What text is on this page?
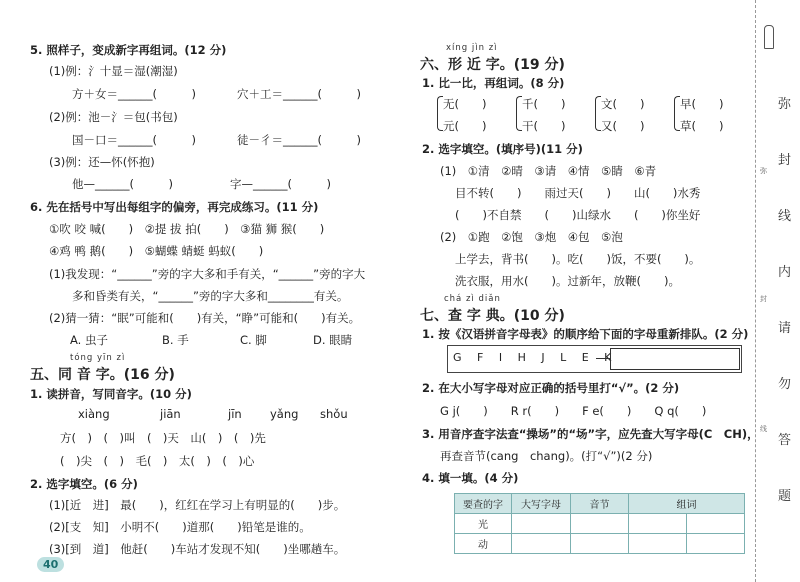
5. 照样子，变成新字再组词。(12 分)
(1)例：氵十显＝湿(潮湿)
方＋女＝______(　　　)	穴＋工＝______(　　　)
(2)例：池－氵＝包(书包)
国－口＝______(　　　)	徒－彳＝______(　　　)
(3)例：还—怀(怀抱)
他—______(　　　)	字—______(　　　)
6. 先在括号中写出每组字的偏旁，再完成练习。(11 分)
①吹 咬 喊(　　)　②提 拔 拍(　　)　③猫 狮 猴(　　)
④鸡 鸭 鹅(　　)　⑤蝴蝶 蜻蜓 蚂蚁(　　)
(1)我发现：“______”旁的字大多和手有关，“______”旁的字大
多和昏类有关，“______”旁的字大多和________有关。
(2)猜一猜：“眠”可能和(　　)有关，“睁”可能和(　　)有关。
A. 虫子	B. 手	C. 脚	D. 眼睛
tóng yīn zì
五、同 音 字。(16 分)
1. 读拼音，写同音字。(10 分)
xiàng	jiān	jīn yǎng shǒu
方(　)　(　)叫　(　)天　山(　)　(　)先
(　)尖　(　)　毛(　)　太(　)　(　)心
2. 选字填空。(6 分)
(1)[近　进]　最(　　)，红红在学习上有明显的(　　)步。
(2)[支　知]　小明不(　　)道那(　　)铅笔是谁的。
(3)[到　道]　他赶(　　)车站才发现不知(　　)坐哪趟车。
40
xíng jìn zì
六、形 近 字。(19 分)
1. 比一比，再组词。(8 分)
无(　　)
元(　　)
千(　　)
干(　　)
文(　　)
又(　　)
早(　　)
草(　　)
2. 选字填空。(填序号)(11 分)
(1)　①清　②晴　③请　④情　⑤睛　⑥青
目不转(　　)　　雨过天(　　)　　山(　　)水秀
(　　)不自禁　　(　　)山绿水　　(　　)你坐好
(2)　①跑　②饱　③炮　④包　⑤泡
上学去，背书(　　)。吃(　　)饭，不要(　　)。
洗衣服，用水(　　)。过新年，放鞭(　　)。
chá zì diǎn
七、查 字 典。(10 分)
1. 按《汉语拼音字母表》的顺序给下面的字母重新排队。(2 分)
G F I H J L E K
2. 在大小写字母对应正确的括号里打“√”。(2 分)
G j(　　)　　R r(　　)　　F e(　　)　　Q q(　　)
3. 用音序查字法查“操场”的“场”字，应先查大写字母(C　CH)，
再查音节(cang　chang)。(打“√”)(2 分)
4. 填一填。(4 分)
要查的字	大写字母	音节	组词	
光				
动				
弥
封
线
内
请
勿
答
题
弥
封
线
